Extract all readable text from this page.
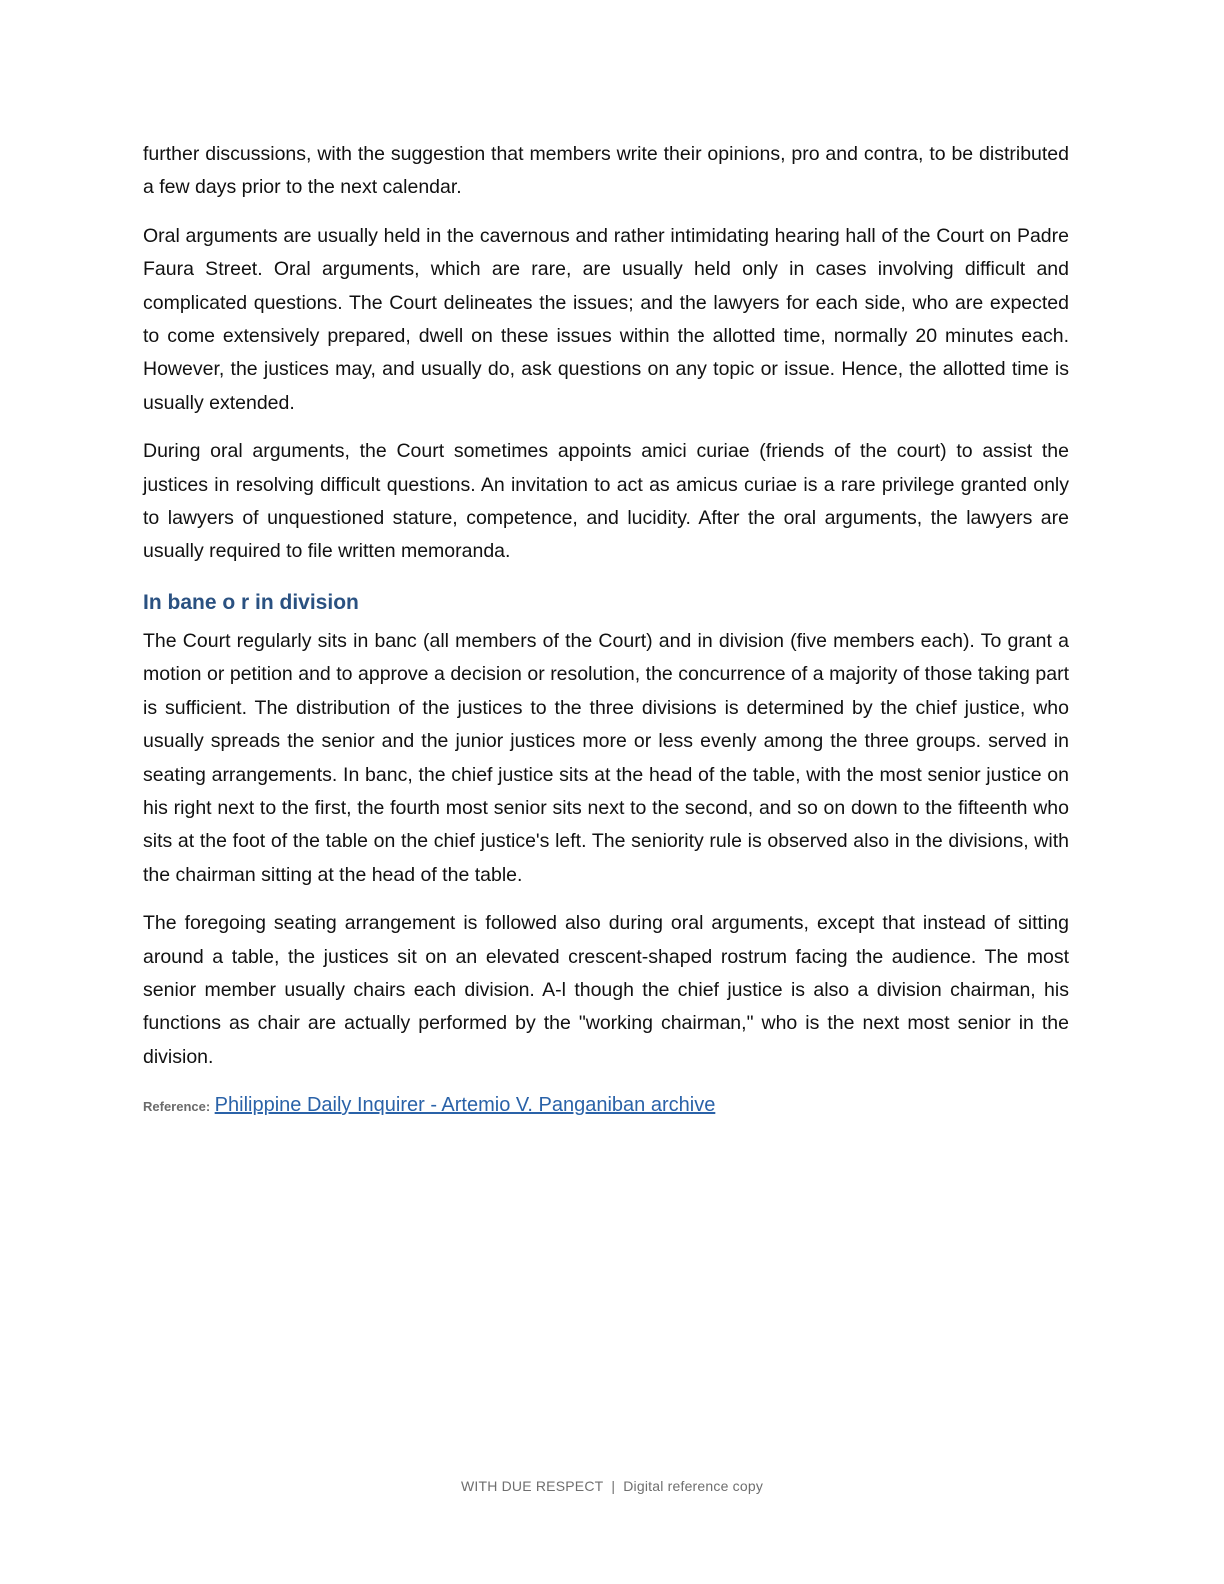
further discussions, with the suggestion that members write their opinions, pro and contra, to be distributed a few days prior to the next calendar.

Oral arguments are usually held in the cavernous and rather intimidating hearing hall of the Court on Padre Faura Street. Oral arguments, which are rare, are usually held only in cases involving difficult and complicated questions. The Court delineates the issues; and the lawyers for each side, who are expected to come extensively prepared, dwell on these issues within the allotted time, normally 20 minutes each. However, the justices may, and usually do, ask questions on any topic or issue. Hence, the allotted time is usually extended.

During oral arguments, the Court sometimes appoints amici curiae (friends of the court) to assist the justices in resolving difficult questions. An invitation to act as amicus curiae is a rare privilege granted only to lawyers of unquestioned stature, competence, and lucidity. After the oral arguments, the lawyers are usually required to file written memoranda.

In bane o r in division

The Court regularly sits in banc (all members of the Court) and in division (five members each). To grant a motion or petition and to approve a decision or resolution, the concurrence of a majority of those taking part is sufficient. The distribution of the justices to the three divisions is determined by the chief justice, who usually spreads the senior and the junior justices more or less evenly among the three groups. served in seating arrangements. In banc, the chief justice sits at the head of the table, with the most senior justice on his right next to the first, the fourth most senior sits next to the second, and so on down to the fifteenth who sits at the foot of the table on the chief justice's left. The seniority rule is observed also in the divisions, with the chairman sitting at the head of the table.

The foregoing seating arrangement is followed also during oral arguments, except that instead of sitting around a table, the justices sit on an elevated crescent-shaped rostrum facing the audience. The most senior member usually chairs each division. A-l though the chief justice is also a division chairman, his functions as chair are actually performed by the "working chairman," who is the next most senior in the division.

Reference: Philippine Daily Inquirer - Artemio V. Panganiban archive
WITH DUE RESPECT | Digital reference copy
